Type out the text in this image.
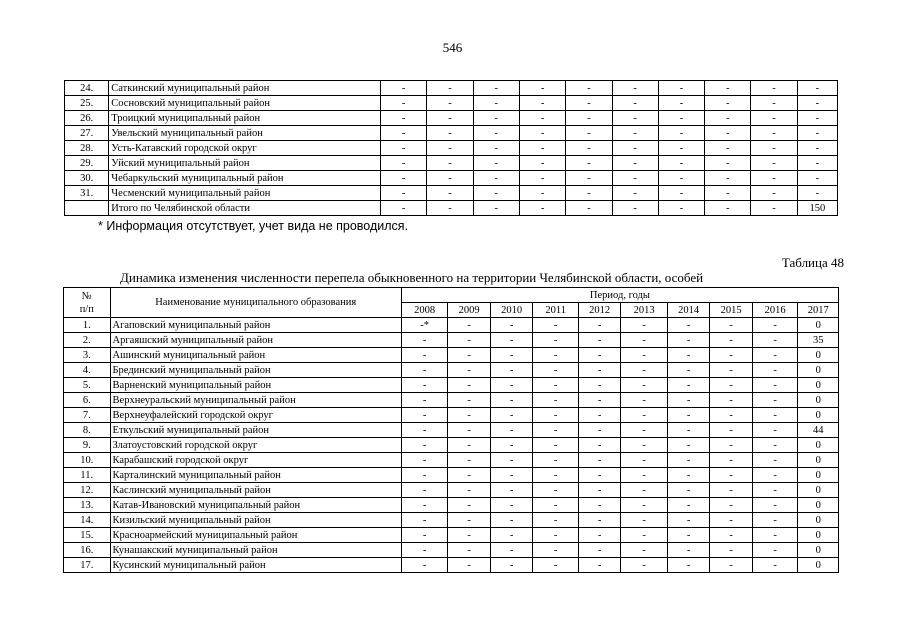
546
24.	Саткинский муниципальный район	-	-	-	-	-	-	-	-	-	-
25.	Сосновский муниципальный район	-	-	-	-	-	-	-	-	-	-
26.	Троицкий муниципальный район	-	-	-	-	-	-	-	-	-	-
27.	Увельский муниципальный район	-	-	-	-	-	-	-	-	-	-
28.	Усть-Катавский городской округ	-	-	-	-	-	-	-	-	-	-
29.	Уйский муниципальный район	-	-	-	-	-	-	-	-	-	-
30.	Чебаркульский муниципальный район	-	-	-	-	-	-	-	-	-	-
31.	Чесменский муниципальный район	-	-	-	-	-	-	-	-	-	-
	Итого по Челябинской области	-	-	-	-	-	-	-	-	-	150
* Информация отсутствует, учет вида не проводился.
Таблица 48
Динамика изменения численности перепела обыкновенного на территории Челябинской области, особей
№
п/п	Наименование муниципального образования	Период, годы									
		2008	2009	2010	2011	2012	2013	2014	2015	2016	2017
1.	Агаповский муниципальный район	-*	-	-	-	-	-	-	-	-	0
2.	Аргаяшский муниципальный район	-	-	-	-	-	-	-	-	-	35
3.	Ашинский муниципальный район	-	-	-	-	-	-	-	-	-	0
4.	Брединский муниципальный район	-	-	-	-	-	-	-	-	-	0
5.	Варненский муниципальный район	-	-	-	-	-	-	-	-	-	0
6.	Верхнеуральский муниципальный район	-	-	-	-	-	-	-	-	-	0
7.	Верхнеуфалейский городской округ	-	-	-	-	-	-	-	-	-	0
8.	Еткульский муниципальный район	-	-	-	-	-	-	-	-	-	44
9.	Златоустовский городской округ	-	-	-	-	-	-	-	-	-	0
10.	Карабашский городской округ	-	-	-	-	-	-	-	-	-	0
11.	Карталинский муниципальный район	-	-	-	-	-	-	-	-	-	0
12.	Каслинский муниципальный район	-	-	-	-	-	-	-	-	-	0
13.	Катав-Ивановский муниципальный район	-	-	-	-	-	-	-	-	-	0
14.	Кизильский муниципальный район	-	-	-	-	-	-	-	-	-	0
15.	Красноармейский муниципальный район	-	-	-	-	-	-	-	-	-	0
16.	Кунашакский муниципальный район	-	-	-	-	-	-	-	-	-	0
17.	Кусинский муниципальный район	-	-	-	-	-	-	-	-	-	0
